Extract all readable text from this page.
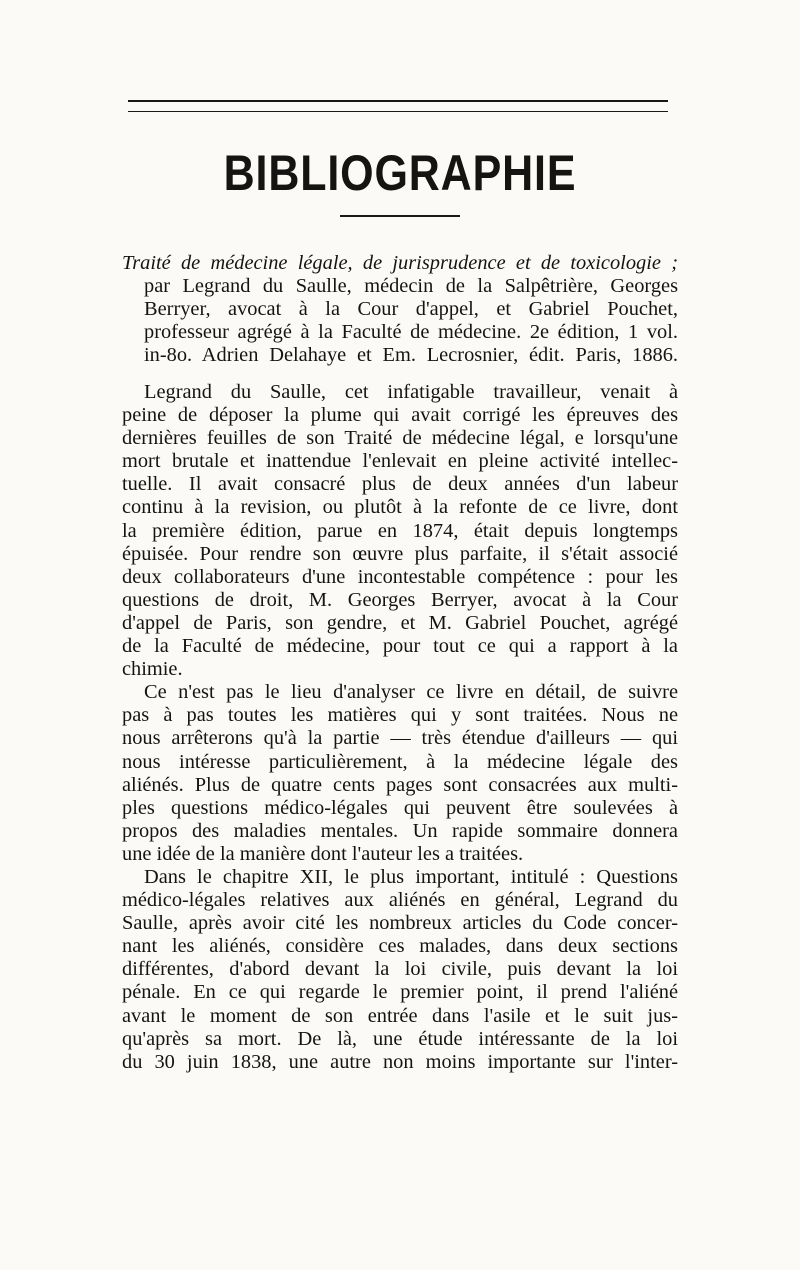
BIBLIOGRAPHIE
Traité de médecine légale, de jurisprudence et de toxicologie ;
par Legrand du Saulle, médecin de la Salpêtrière, Georges
Berryer, avocat à la Cour d'appel, et Gabriel Pouchet,
professeur agrégé à la Faculté de médecine. 2e édition, 1 vol.
in-8o. Adrien Delahaye et Em. Lecrosnier, édit. Paris, 1886.
Legrand du Saulle, cet infatigable travailleur, venait à
peine de déposer la plume qui avait corrigé les épreuves des
dernières feuilles de son Traité de médecine légal, e lorsqu'une
mort brutale et inattendue l'enlevait en pleine activité intellec-
tuelle. Il avait consacré plus de deux années d'un labeur
continu à la revision, ou plutôt à la refonte de ce livre, dont
la première édition, parue en 1874, était depuis longtemps
épuisée. Pour rendre son œuvre plus parfaite, il s'était associé
deux collaborateurs d'une incontestable compétence : pour les
questions de droit, M. Georges Berryer, avocat à la Cour
d'appel de Paris, son gendre, et M. Gabriel Pouchet, agrégé
de la Faculté de médecine, pour tout ce qui a rapport à la
chimie.
Ce n'est pas le lieu d'analyser ce livre en détail, de suivre
pas à pas toutes les matières qui y sont traitées. Nous ne
nous arrêterons qu'à la partie — très étendue d'ailleurs — qui
nous intéresse particulièrement, à la médecine légale des
aliénés. Plus de quatre cents pages sont consacrées aux multi-
ples questions médico-légales qui peuvent être soulevées à
propos des maladies mentales. Un rapide sommaire donnera
une idée de la manière dont l'auteur les a traitées.
Dans le chapitre XII, le plus important, intitulé : Questions
médico-légales relatives aux aliénés en général, Legrand du
Saulle, après avoir cité les nombreux articles du Code concer-
nant les aliénés, considère ces malades, dans deux sections
différentes, d'abord devant la loi civile, puis devant la loi
pénale. En ce qui regarde le premier point, il prend l'aliéné
avant le moment de son entrée dans l'asile et le suit jus-
qu'après sa mort. De là, une étude intéressante de la loi
du 30 juin 1838, une autre non moins importante sur l'inter-
